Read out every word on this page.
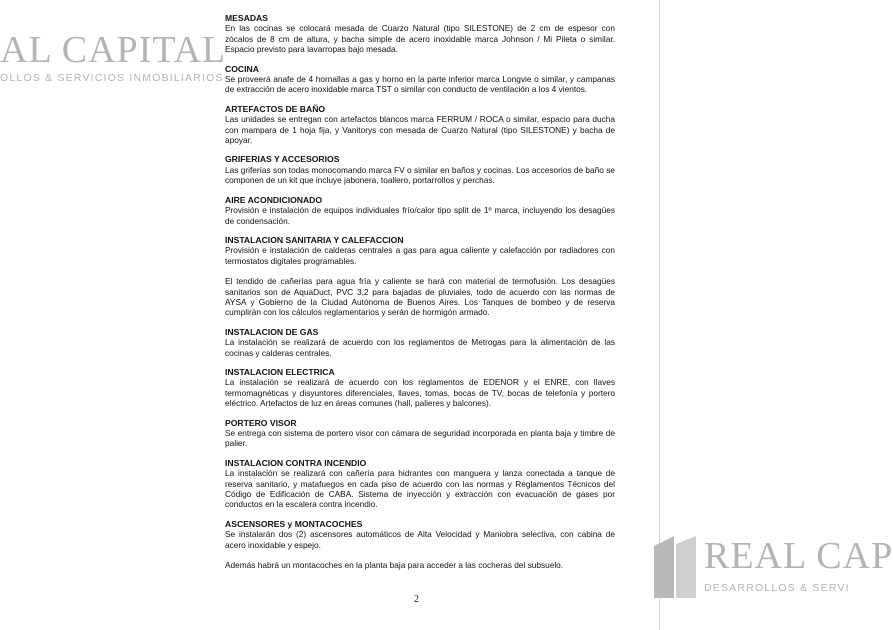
AL CAPITAL
OLLOS & SERVICIOS INMOBILIARIOS
REAL CAP
DESARROLLOS & SERVI
MESADAS

En las cocinas se colocará mesada de Cuarzo Natural (tipo SILESTONE) de 2 cm de espesor con zócalos de 8 cm de altura, y bacha simple de acero inoxidable marca Johnson / Mi Pileta o similar. Espacio previsto para lavarropas bajo mesada.

COCINA

Se proveerá anafe de 4 hornallas a gas y horno en la parte inferior marca Longvie o similar, y campanas de extracción de acero inoxidable marca TST o similar con conducto de ventilación a los 4 vientos.

ARTEFACTOS DE BAÑO

Las unidades se entregan con artefactos blancos marca FERRUM / ROCA o similar, espacio para ducha con mampara de 1 hoja fija, y Vanitorys con mesada de Cuarzo Natural (tipo SILESTONE) y bacha de apoyar.

GRIFERIAS Y ACCESORIOS

Las griferías son todas monocomando marca FV o similar en baños y cocinas. Los accesorios de baño se componen de un kit que incluye jabonera, toallero, portarrollos y perchas.

AIRE ACONDICIONADO

Provisión e instalación de equipos individuales frío/calor tipo split de 1º marca, incluyendo los desagües de condensación.

INSTALACION SANITARIA Y CALEFACCION

Provisión e instalación de calderas centrales a gas para agua caliente y calefacción por radiadores con termostatos digitales programables.

El tendido de cañerías para agua fría y caliente se hará con material de termofusión. Los desagües sanitarios son de AquaDuct, PVC 3,2 para bajadas de pluviales, todo de acuerdo con las normas de AYSA y Gobierno de la Ciudad Autónoma de Buenos Aires. Los Tanques de bombeo y de reserva cumplirán con los cálculos reglamentarios y serán de hormigón armado.

INSTALACION DE GAS

La instalación se realizará de acuerdo con los reglamentos de Metrogas para la alimentación de las cocinas y calderas centrales.

INSTALACION ELECTRICA

La instalación se realizará de acuerdo con los reglamentos de EDENOR y el ENRE, con llaves termomagnéticas y disyuntores diferenciales, llaves, tomas, bocas de TV, bocas de telefonía y portero eléctrico. Artefactos de luz en áreas comunes (hall, palieres y balcones).

PORTERO VISOR

Se entrega con sistema de portero visor con cámara de seguridad incorporada en planta baja y timbre de palier.

INSTALACION CONTRA INCENDIO

La instalación se realizará con cañería para hidrantes con manguera y lanza conectada a tanque de reserva sanitario, y matafuegos en cada piso de acuerdo con las normas y Reglamentos Técnicos del Código de Edificación de CABA. Sistema de inyección y extracción con evacuación de gases por conductos en la escalera contra incendio.

ASCENSORES y MONTACOCHES

Se instalarán dos (2) ascensores automáticos de Alta Velocidad y Maniobra selectiva, con cabina de acero inoxidable y espejo.

Además habrá un montacoches en la planta baja para acceder a las cocheras del subsuelo.

2
